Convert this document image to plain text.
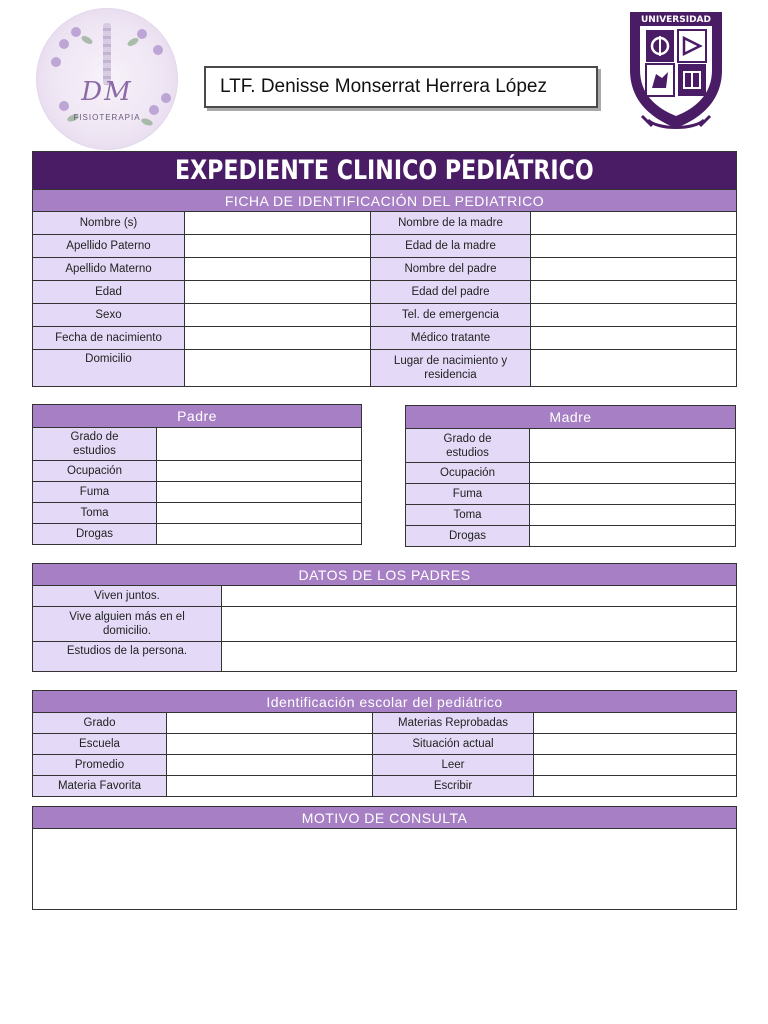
DM
FISIOTERAPIA
LTF. Denisse Monserrat Herrera López
UNIVERSIDAD
EXPEDIENTE CLINICO PEDIÁTRICO			
FICHA DE IDENTIFICACIÓN DEL PEDIATRICO			
Nombre (s)		Nombre de la madre	
Apellido Paterno		Edad de la madre	
Apellido Materno		Nombre del padre	
Edad		Edad del padre	
Sexo		Tel. de emergencia	
Fecha de nacimiento		Médico tratante	
Domicilio		Lugar de nacimiento y residencia	
Padre	
Grado de estudios	
Ocupación	
Fuma	
Toma	
Drogas	
Madre	
Grado de estudios	
Ocupación	
Fuma	
Toma	
Drogas	
DATOS DE LOS PADRES	
Viven juntos.	
Vive alguien más en el domicilio.	
Estudios de la persona.	
Identificación escolar del pediátrico			
Grado		Materias Reprobadas	
Escuela		Situación actual	
Promedio		Leer	
Materia Favorita		Escribir	
MOTIVO DE CONSULTA
